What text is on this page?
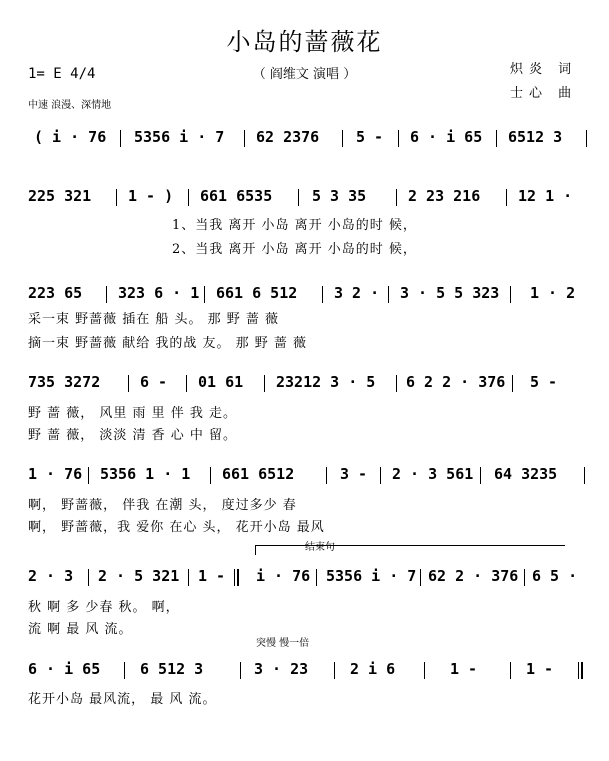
小岛的蔷薇花
（ 阎维文 演唱 ）	炽炎 词
士心 曲
1= E 4/4
中速 浪漫、深情地
结束句
突慢 慢一倍
( i · 76 5356 i · 7 62 2376 5 - 6 · i 65 6512 3
225 321 1 - ) 661 6535	5 3 35	2 23 216	12 1 ·
1、当我 离开 小岛 离开 小岛的时 候，
2、当我 离开 小岛 离开 小岛的时 候，
223 65 323 6 · 1 661 6 512 3 2 · 3 · 5 5 323 1 · 2
采一束 野蔷薇 插在 船 头。 那 野 蔷 薇
摘一束 野蔷薇 献给 我的战 友。 那 野 蔷 薇
735 3272	6 - 01 61 23212 3 · 5 6 2 2 · 376 5 -
野 蔷 薇， 风里 雨 里 伴 我 走。
野 蔷 薇， 淡淡 清 香 心 中 留。
1 · 76 5356 1 · 1 661 6512	3 - 2 · 3 561 64 3235
啊， 野蔷薇， 伴我 在潮 头， 度过多少 春
啊， 野蔷薇，我 爱你 在心 头， 花开小岛 最风
2 · 3 2 · 5 321 1 - i · 76 5356 i · 7 62 2 · 376 6 5 ·
秋 啊 多 少春 秋。 啊，
流 啊 最 风 流。
6 · i 65	6 512 3	3 · 23	2 i 6	1 -	1 -
花开小岛 最风流， 最 风 流。
